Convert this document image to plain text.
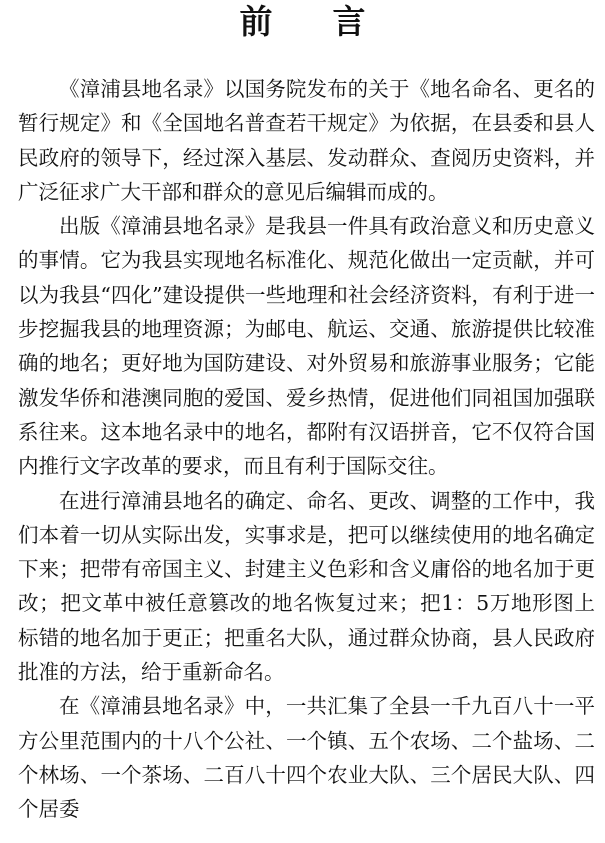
前言

《漳浦县地名录》以国务院发布的关于《地名命名、更名的暂行规定》和《全国地名普查若干规定》为依据，在县委和县人民政府的领导下，经过深入基层、发动群众、查阅历史资料，并广泛征求广大干部和群众的意见后编辑而成的。

出版《漳浦县地名录》是我县一件具有政治意义和历史意义的事情。它为我县实现地名标准化、规范化做出一定贡献，并可以为我县“四化”建设提供一些地理和社会经济资料，有利于进一步挖掘我县的地理资源；为邮电、航运、交通、旅游提供比较准确的地名；更好地为国防建设、对外贸易和旅游事业服务；它能激发华侨和港澳同胞的爱国、爱乡热情，促进他们同祖国加强联系往来。这本地名录中的地名，都附有汉语拼音，它不仅符合国内推行文字改革的要求，而且有利于国际交往。

在进行漳浦县地名的确定、命名、更改、调整的工作中，我们本着一切从实际出发，实事求是，把可以继续使用的地名确定下来；把带有帝国主义、封建主义色彩和含义庸俗的地名加于更改；把文革中被任意篡改的地名恢复过来；把1：5万地形图上标错的地名加于更正；把重名大队，通过群众协商，县人民政府批准的方法，给于重新命名。

在《漳浦县地名录》中，一共汇集了全县一千九百八十一平方公里范围内的十八个公社、一个镇、五个农场、二个盐场、二个林场、一个茶场、二百八十四个农业大队、三个居民大队、四个居委
